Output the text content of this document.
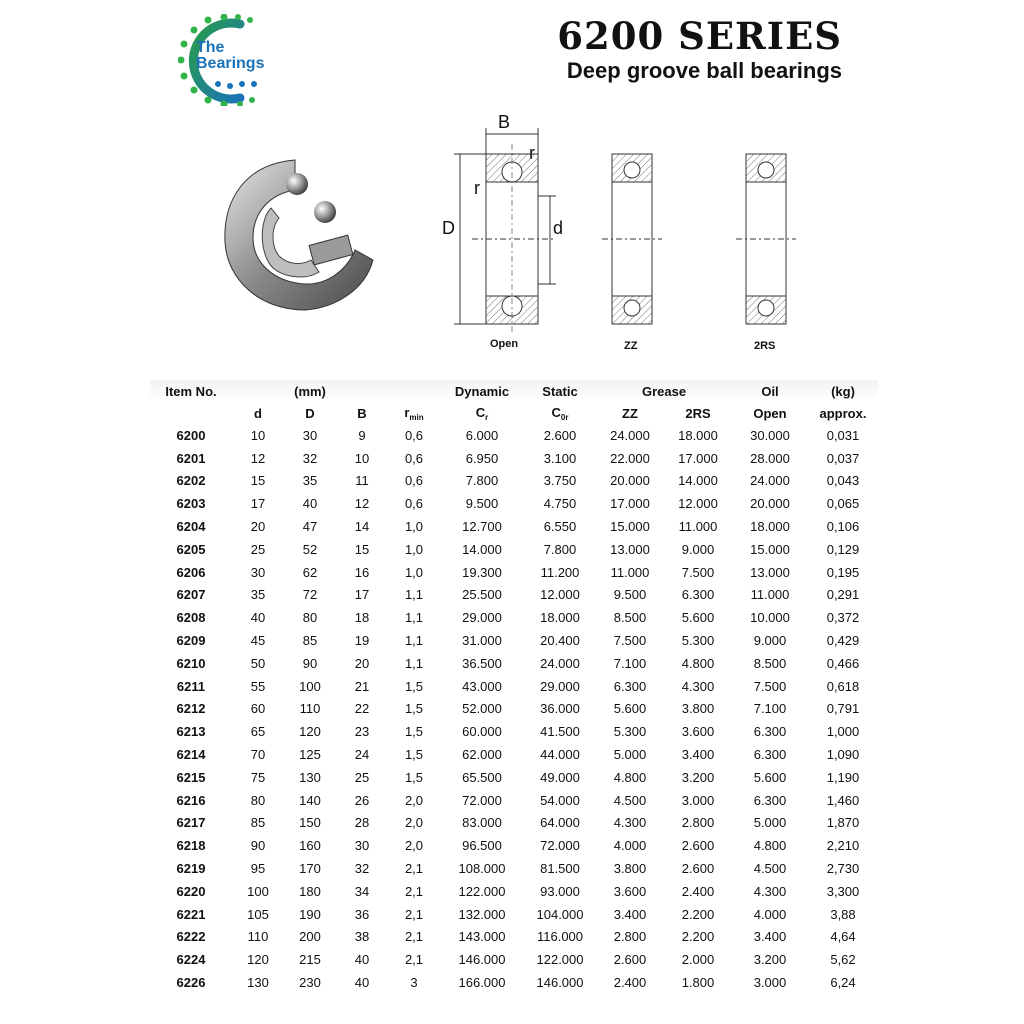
The
Bearings
6200 SERIES
Deep groove ball bearings
B
r
r
D	d
Open	ZZ	2RS
Item No.	(mm)				Dynamic	Static	Grease		Oil	(kg)
	d	D	B	$r_{min}$	$C_r$	$C_{0r}$	ZZ	2RS	Open	approx.
6200	10	30	9	0,6	6.000	2.600	24.000	18.000	30.000	0,031
6201	12	32	10	0,6	6.950	3.100	22.000	17.000	28.000	0,037
6202	15	35	11	0,6	7.800	3.750	20.000	14.000	24.000	0,043
6203	17	40	12	0,6	9.500	4.750	17.000	12.000	20.000	0,065
6204	20	47	14	1,0	12.700	6.550	15.000	11.000	18.000	0,106
6205	25	52	15	1,0	14.000	7.800	13.000	9.000	15.000	0,129
6206	30	62	16	1,0	19.300	11.200	11.000	7.500	13.000	0,195
6207	35	72	17	1,1	25.500	12.000	9.500	6.300	11.000	0,291
6208	40	80	18	1,1	29.000	18.000	8.500	5.600	10.000	0,372
6209	45	85	19	1,1	31.000	20.400	7.500	5.300	9.000	0,429
6210	50	90	20	1,1	36.500	24.000	7.100	4.800	8.500	0,466
6211	55	100	21	1,5	43.000	29.000	6.300	4.300	7.500	0,618
6212	60	110	22	1,5	52.000	36.000	5.600	3.800	7.100	0,791
6213	65	120	23	1,5	60.000	41.500	5.300	3.600	6.300	1,000
6214	70	125	24	1,5	62.000	44.000	5.000	3.400	6.300	1,090
6215	75	130	25	1,5	65.500	49.000	4.800	3.200	5.600	1,190
6216	80	140	26	2,0	72.000	54.000	4.500	3.000	6.300	1,460
6217	85	150	28	2,0	83.000	64.000	4.300	2.800	5.000	1,870
6218	90	160	30	2,0	96.500	72.000	4.000	2.600	4.800	2,210
6219	95	170	32	2,1	108.000	81.500	3.800	2.600	4.500	2,730
6220	100	180	34	2,1	122.000	93.000	3.600	2.400	4.300	3,300
6221	105	190	36	2,1	132.000	104.000	3.400	2.200	4.000	3,88
6222	110	200	38	2,1	143.000	116.000	2.800	2.200	3.400	4,64
6224	120	215	40	2,1	146.000	122.000	2.600	2.000	3.200	5,62
6226	130	230	40	3	166.000	146.000	2.400	1.800	3.000	6,24
